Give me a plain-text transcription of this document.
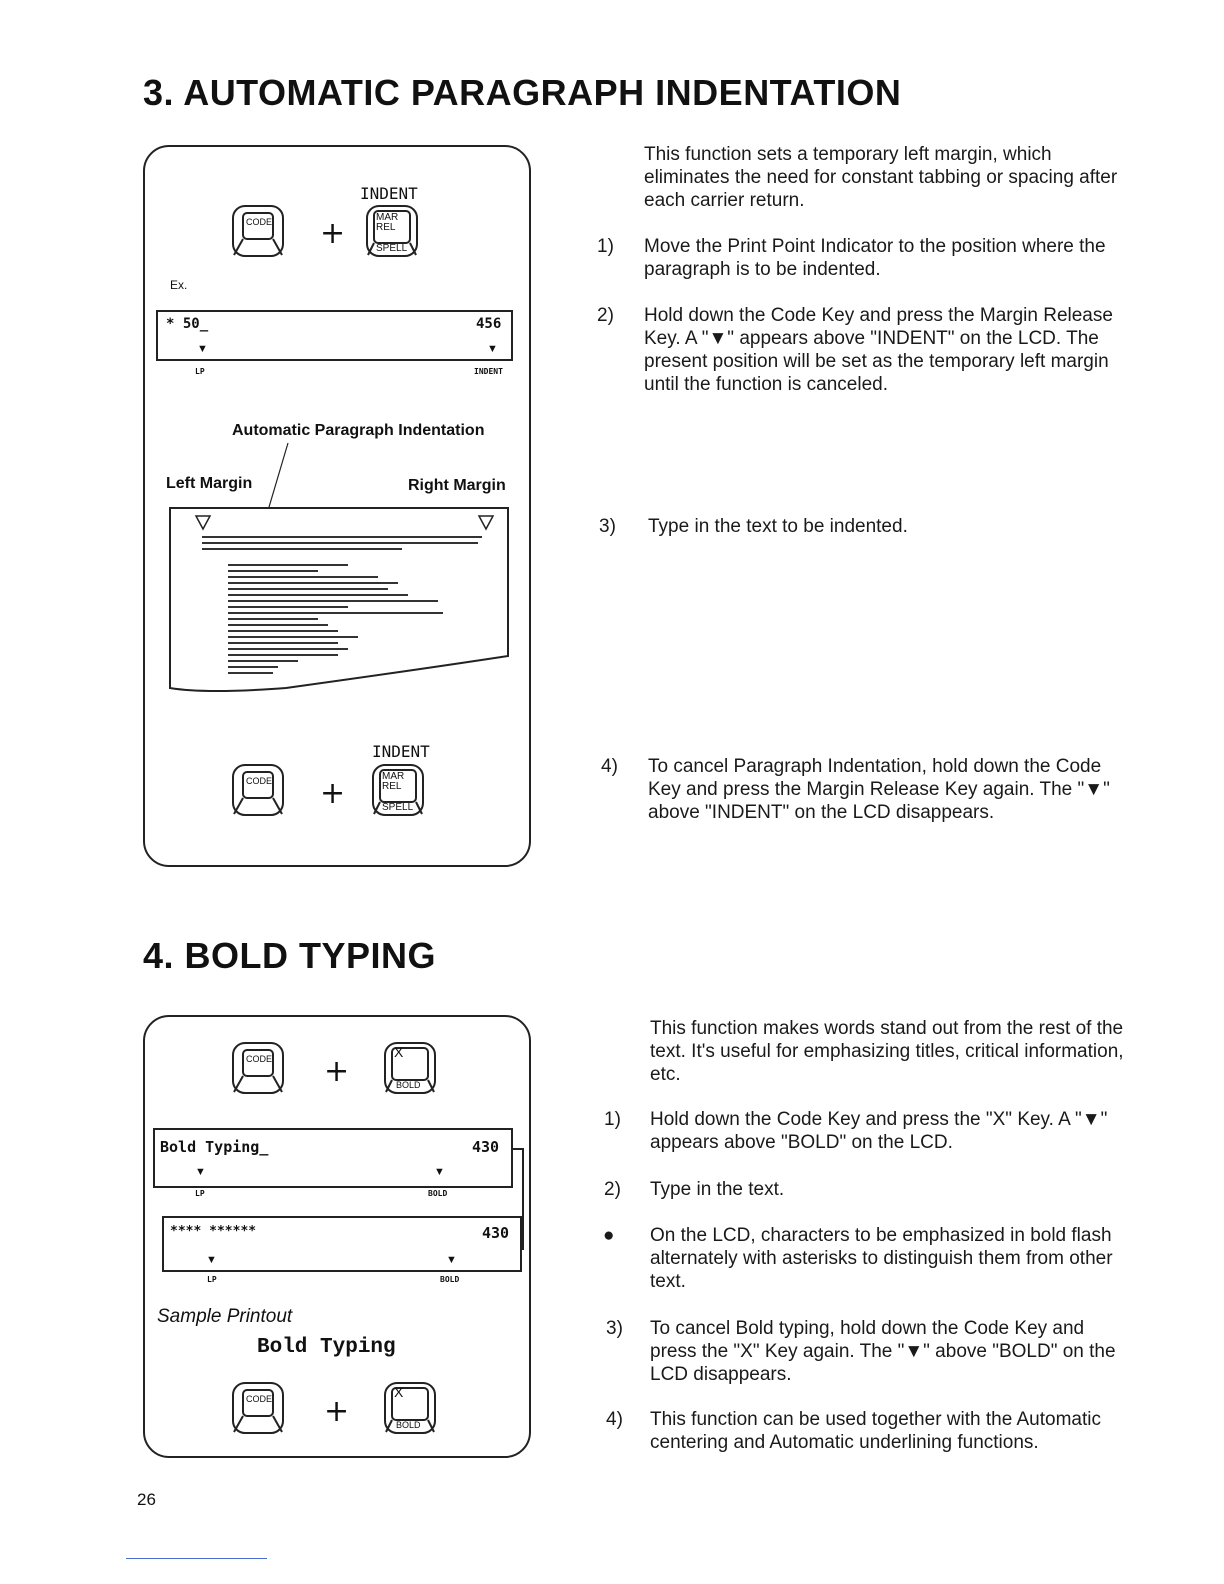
3. AUTOMATIC PARAGRAPH INDENTATION
INDENT
CODE +	MAR
REL
SPELL
Ex.
* 50_	456
▼	▼
LP	INDENT
Automatic Paragraph Indentation
Left Margin	Right Margin
INDENT
CODE +	MAR
REL
SPELL
This function sets a temporary left margin, which eliminates the need for constant tabbing or spacing after each carrier return.
1)	Move the Print Point Indicator to the position where the paragraph is to be indented.
2)	Hold down the Code Key and press the Margin Release Key. A "▼" appears above "INDENT" on the LCD. The present position will be set as the temporary left margin until the function is canceled.
3)	Type in the text to be indented.
4)	To cancel Paragraph Indentation, hold down the Code Key and press the Margin Release Key again. The "▼" above "INDENT" on the LCD disappears.
4. BOLD TYPING
CODE +
X
BOLD
Bold Typing_	430
▼	▼
LP	BOLD
**** ******	430
▼	▼
LP	BOLD
Sample Printout
Bold Typing
CODE +
X
BOLD
This function makes words stand out from the rest of the text. It's useful for emphasizing titles, critical information, etc.
1)	Hold down the Code Key and press the "X" Key. A "▼" appears above "BOLD" on the LCD.
2)	Type in the text.
●	On the LCD, characters to be emphasized in bold flash alternately with asterisks to distinguish them from other text.
3)	To cancel Bold typing, hold down the Code Key and press the "X" Key again. The "▼" above "BOLD" on the LCD disappears.
4)	This function can be used together with the Automatic centering and Automatic underlining functions.
26
